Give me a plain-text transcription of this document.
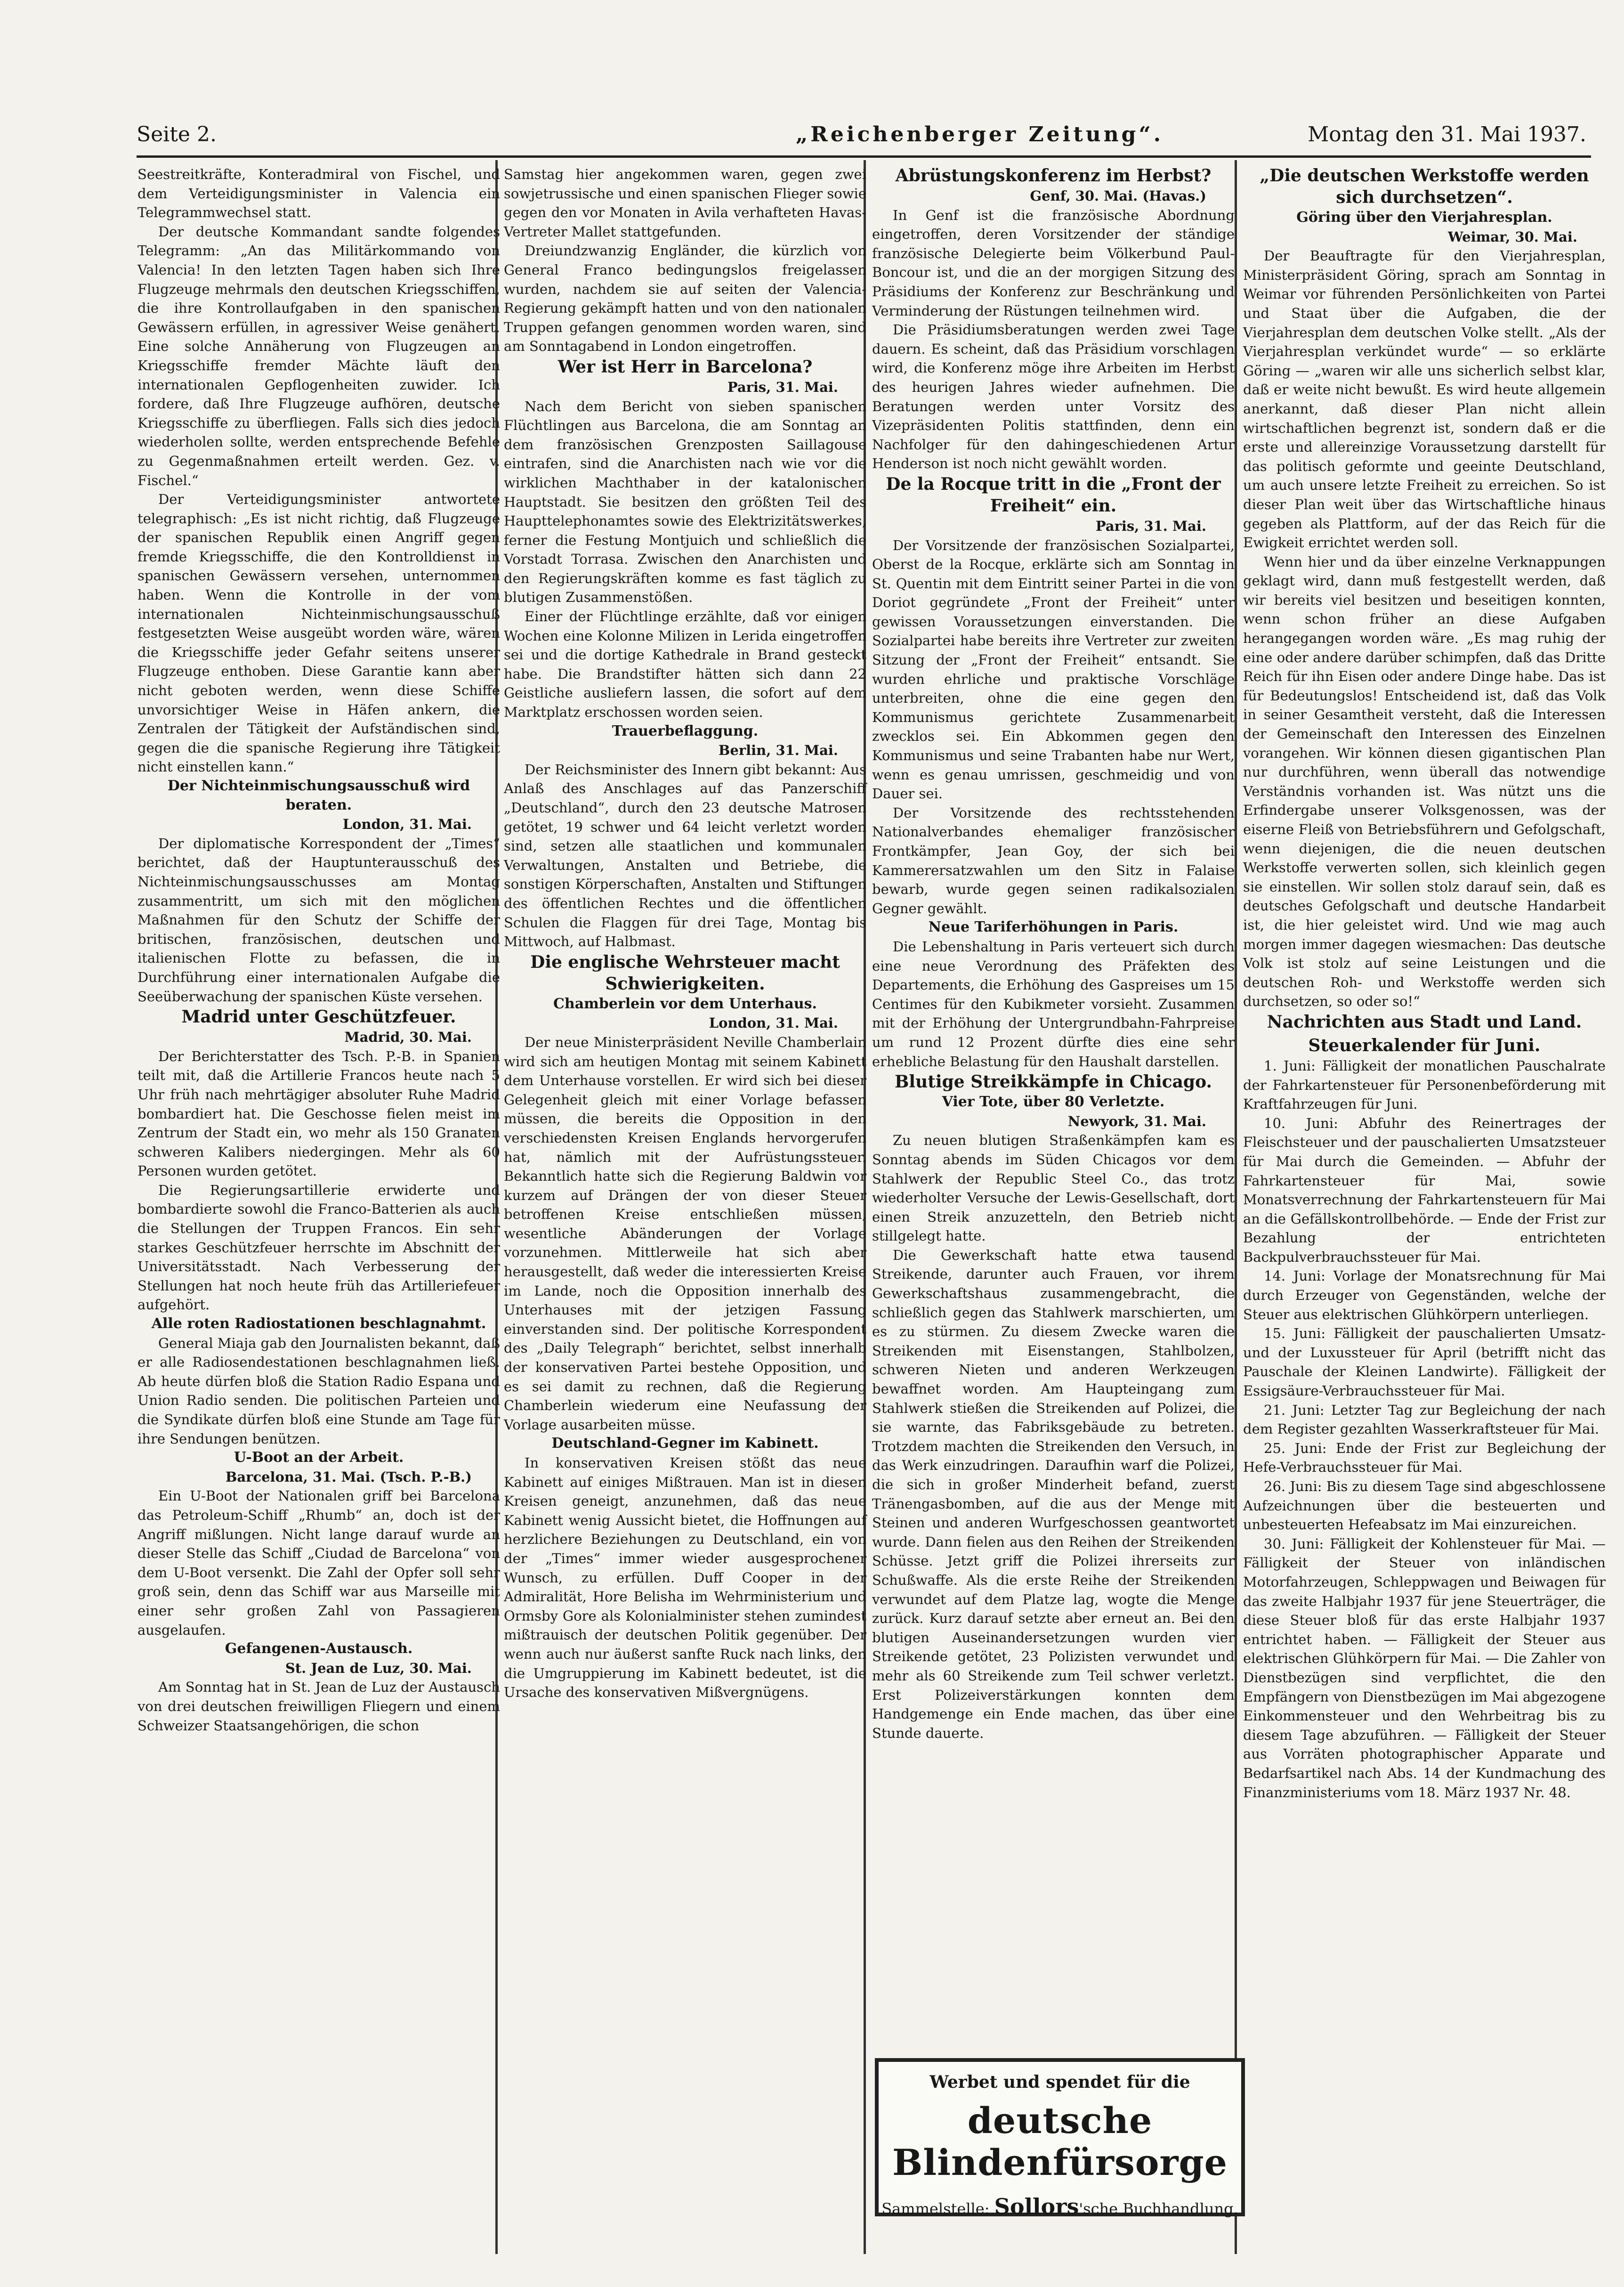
Seite 2.	„Reichenberger Zeitung“.	Montag den 31. Mai 1937.

Seestreitkräfte, Konteradmiral von Fischel, und dem Verteidigungsminister in Valencia ein Telegrammwechsel statt.

Der deutsche Kommandant sandte folgendes Telegramm: „An das Militärkommando von Valencia! In den letzten Tagen haben sich Ihre Flugzeuge mehrmals den deutschen Kriegsschiffen, die ihre Kontrollaufgaben in den spanischen Gewässern erfüllen, in agressiver Weise genähert. Eine solche Annäherung von Flugzeugen an Kriegsschiffe fremder Mächte läuft den internationalen Gepflogenheiten zuwider. Ich fordere, daß Ihre Flugzeuge aufhören, deutsche Kriegsschiffe zu überfliegen. Falls sich dies jedoch wiederholen sollte, werden entsprechende Befehle zu Gegenmaßnahmen erteilt werden. Gez. v. Fischel.“

Der Verteidigungsminister antwortete telegraphisch: „Es ist nicht richtig, daß Flugzeuge der spanischen Republik einen Angriff gegen fremde Kriegsschiffe, die den Kontrolldienst in spanischen Gewässern versehen, unternommen haben. Wenn die Kontrolle in der vom internationalen Nichteinmischungsausschuß festgesetzten Weise ausgeübt worden wäre, wären die Kriegsschiffe jeder Gefahr seitens unserer Flugzeuge enthoben. Diese Garantie kann aber nicht geboten werden, wenn diese Schiffe unvorsichtiger Weise in Häfen ankern, die Zentralen der Tätigkeit der Aufständischen sind, gegen die die spanische Regierung ihre Tätigkeit nicht einstellen kann.“

Der Nichteinmischungsausschuß wird beraten.

London, 31. Mai.

Der diplomatische Korrespondent der „Times“ berichtet, daß der Hauptunterausschuß des Nichteinmischungsausschusses am Montag zusammentritt, um sich mit den möglichen Maßnahmen für den Schutz der Schiffe der britischen, französischen, deutschen und italienischen Flotte zu befassen, die in Durchführung einer internationalen Aufgabe die Seeüberwachung der spanischen Küste versehen.

Madrid unter Geschützfeuer.

Madrid, 30. Mai.

Der Berichterstatter des Tsch. P.-B. in Spanien teilt mit, daß die Artillerie Francos heute nach 5 Uhr früh nach mehrtägiger absoluter Ruhe Madrid bombardiert hat. Die Geschosse fielen meist im Zentrum der Stadt ein, wo mehr als 150 Granaten schweren Kalibers niedergingen. Mehr als 60 Personen wurden getötet.

Die Regierungsartillerie erwiderte und bombardierte sowohl die Franco-Batterien als auch die Stellungen der Truppen Francos. Ein sehr starkes Geschützfeuer herrschte im Abschnitt der Universitätsstadt. Nach Verbesserung der Stellungen hat noch heute früh das Artilleriefeuer aufgehört.

Alle roten Radiostationen beschlagnahmt.

General Miaja gab den Journalisten bekannt, daß er alle Radiosendestationen beschlagnahmen ließ. Ab heute dürfen bloß die Station Radio Espana und Union Radio senden. Die politischen Parteien und die Syndikate dürfen bloß eine Stunde am Tage für ihre Sendungen benützen.

U-Boot an der Arbeit.

Barcelona, 31. Mai. (Tsch. P.-B.)

Ein U-Boot der Nationalen griff bei Barcelona das Petroleum-Schiff „Rhumb“ an, doch ist der Angriff mißlungen. Nicht lange darauf wurde an dieser Stelle das Schiff „Ciudad de Barcelona“ von dem U-Boot versenkt. Die Zahl der Opfer soll sehr groß sein, denn das Schiff war aus Marseille mit einer sehr großen Zahl von Passagieren ausgelaufen.

Gefangenen-Austausch.

St. Jean de Luz, 30. Mai.

Am Sonntag hat in St. Jean de Luz der Austausch von drei deutschen freiwilligen Fliegern und einem Schweizer Staatsangehörigen, die schon

Samstag hier angekommen waren, gegen zwei sowjetrussische und einen spanischen Flieger sowie gegen den vor Monaten in Avila verhafteten Havas-Vertreter Mallet stattgefunden.

Dreiundzwanzig Engländer, die kürzlich von General Franco bedingungslos freigelassen wurden, nachdem sie auf seiten der Valencia-Regierung gekämpft hatten und von den nationalen Truppen gefangen genommen worden waren, sind am Sonntagabend in London eingetroffen.

Wer ist Herr in Barcelona?

Paris, 31. Mai.

Nach dem Bericht von sieben spanischen Flüchtlingen aus Barcelona, die am Sonntag an dem französischen Grenzposten Saillagouse eintrafen, sind die Anarchisten nach wie vor die wirklichen Machthaber in der katalonischen Hauptstadt. Sie besitzen den größten Teil des Haupttelephonamtes sowie des Elektrizitätswerkes, ferner die Festung Montjuich und schließlich die Vorstadt Torrasa. Zwischen den Anarchisten und den Regierungskräften komme es fast täglich zu blutigen Zusammenstößen.

Einer der Flüchtlinge erzählte, daß vor einigen Wochen eine Kolonne Milizen in Lerida eingetroffen sei und die dortige Kathedrale in Brand gesteckt habe. Die Brandstifter hätten sich dann 22 Geistliche ausliefern lassen, die sofort auf dem Marktplatz erschossen worden seien.

Trauerbeflaggung.

Berlin, 31. Mai.

Der Reichsminister des Innern gibt bekannt: Aus Anlaß des Anschlages auf das Panzerschiff „Deutschland“, durch den 23 deutsche Matrosen getötet, 19 schwer und 64 leicht verletzt worden sind, setzen alle staatlichen und kommunalen Verwaltungen, Anstalten und Betriebe, die sonstigen Körperschaften, Anstalten und Stiftungen des öffentlichen Rechtes und die öffentlichen Schulen die Flaggen für drei Tage, Montag bis Mittwoch, auf Halbmast.

Die englische Wehrsteuer macht Schwierigkeiten.

Chamberlein vor dem Unterhaus.

London, 31. Mai.

Der neue Ministerpräsident Neville Chamberlain wird sich am heutigen Montag mit seinem Kabinett dem Unterhause vorstellen. Er wird sich bei dieser Gelegenheit gleich mit einer Vorlage befassen müssen, die bereits die Opposition in den verschiedensten Kreisen Englands hervorgerufen hat, nämlich mit der Aufrüstungssteuer. Bekanntlich hatte sich die Regierung Baldwin vor kurzem auf Drängen der von dieser Steuer betroffenen Kreise entschließen müssen, wesentliche Abänderungen der Vorlage vorzunehmen. Mittlerweile hat sich aber herausgestellt, daß weder die interessierten Kreise im Lande, noch die Opposition innerhalb des Unterhauses mit der jetzigen Fassung einverstanden sind. Der politische Korrespondent des „Daily Telegraph“ berichtet, selbst innerhalb der konservativen Partei bestehe Opposition, und es sei damit zu rechnen, daß die Regierung Chamberlein wiederum eine Neufassung der Vorlage ausarbeiten müsse.

Deutschland-Gegner im Kabinett.

In konservativen Kreisen stößt das neue Kabinett auf einiges Mißtrauen. Man ist in diesen Kreisen geneigt, anzunehmen, daß das neue Kabinett wenig Aussicht bietet, die Hoffnungen auf herzlichere Beziehungen zu Deutschland, ein von der „Times“ immer wieder ausgesprochener Wunsch, zu erfüllen. Duff Cooper in der Admiralität, Hore Belisha im Wehrministerium und Ormsby Gore als Kolonialminister stehen zumindest mißtrauisch der deutschen Politik gegenüber. Der wenn auch nur äußerst sanfte Ruck nach links, den die Umgruppierung im Kabinett bedeutet, ist die Ursache des konservativen Mißvergnügens.

Abrüstungskonferenz im Herbst?

Genf, 30. Mai. (Havas.)

In Genf ist die französische Abordnung eingetroffen, deren Vorsitzender der ständige französische Delegierte beim Völkerbund Paul-Boncour ist, und die an der morgigen Sitzung des Präsidiums der Konferenz zur Beschränkung und Verminderung der Rüstungen teilnehmen wird.

Die Präsidiumsberatungen werden zwei Tage dauern. Es scheint, daß das Präsidium vorschlagen wird, die Konferenz möge ihre Arbeiten im Herbst des heurigen Jahres wieder aufnehmen. Die Beratungen werden unter Vorsitz des Vizepräsidenten Politis stattfinden, denn ein Nachfolger für den dahingeschiedenen Artur Henderson ist noch nicht gewählt worden.

De la Rocque tritt in die „Front der Freiheit“ ein.

Paris, 31. Mai.

Der Vorsitzende der französischen Sozialpartei, Oberst de la Rocque, erklärte sich am Sonntag in St. Quentin mit dem Eintritt seiner Partei in die von Doriot gegründete „Front der Freiheit“ unter gewissen Voraussetzungen einverstanden. Die Sozialpartei habe bereits ihre Vertreter zur zweiten Sitzung der „Front der Freiheit“ entsandt. Sie wurden ehrliche und praktische Vorschläge unterbreiten, ohne die eine gegen den Kommunismus gerichtete Zusammenarbeit zwecklos sei. Ein Abkommen gegen den Kommunismus und seine Trabanten habe nur Wert, wenn es genau umrissen, geschmeidig und von Dauer sei.

Der Vorsitzende des rechtsstehenden Nationalverbandes ehemaliger französischer Frontkämpfer, Jean Goy, der sich bei Kammerersatzwahlen um den Sitz in Falaise bewarb, wurde gegen seinen radikalsozialen Gegner gewählt.

Neue Tariferhöhungen in Paris.

Die Lebenshaltung in Paris verteuert sich durch eine neue Verordnung des Präfekten des Departements, die Erhöhung des Gaspreises um 15 Centimes für den Kubikmeter vorsieht. Zusammen mit der Erhöhung der Untergrundbahn-Fahrpreise um rund 12 Prozent dürfte dies eine sehr erhebliche Belastung für den Haushalt darstellen.

Blutige Streikkämpfe in Chicago.

Vier Tote, über 80 Verletzte.

Newyork, 31. Mai.

Zu neuen blutigen Straßenkämpfen kam es Sonntag abends im Süden Chicagos vor dem Stahlwerk der Republic Steel Co., das trotz wiederholter Versuche der Lewis-Gesellschaft, dort einen Streik anzuzetteln, den Betrieb nicht stillgelegt hatte.

Die Gewerkschaft hatte etwa tausend Streikende, darunter auch Frauen, vor ihrem Gewerkschaftshaus zusammengebracht, die schließlich gegen das Stahlwerk marschierten, um es zu stürmen. Zu diesem Zwecke waren die Streikenden mit Eisenstangen, Stahlbolzen, schweren Nieten und anderen Werkzeugen bewaffnet worden. Am Haupteingang zum Stahlwerk stießen die Streikenden auf Polizei, die sie warnte, das Fabriksgebäude zu betreten. Trotzdem machten die Streikenden den Versuch, in das Werk einzudringen. Daraufhin warf die Polizei, die sich in großer Minderheit befand, zuerst Tränengasbomben, auf die aus der Menge mit Steinen und anderen Wurfgeschossen geantwortet wurde. Dann fielen aus den Reihen der Streikenden Schüsse. Jetzt griff die Polizei ihrerseits zur Schußwaffe. Als die erste Reihe der Streikenden verwundet auf dem Platze lag, wogte die Menge zurück. Kurz darauf setzte aber erneut an. Bei den blutigen Auseinandersetzungen wurden vier Streikende getötet, 23 Polizisten verwundet und mehr als 60 Streikende zum Teil schwer verletzt. Erst Polizeiverstärkungen konnten dem Handgemenge ein Ende machen, das über eine Stunde dauerte.

Werbet und spendet für die
deutsche Blindenfürsorge
Sammelstelle: Sollors'sche Buchhandlung.

„Die deutschen Werkstoffe werden sich durchsetzen“.

Göring über den Vierjahresplan.

Weimar, 30. Mai.

Der Beauftragte für den Vierjahresplan, Ministerpräsident Göring, sprach am Sonntag in Weimar vor führenden Persönlichkeiten von Partei und Staat über die Aufgaben, die der Vierjahresplan dem deutschen Volke stellt. „Als der Vierjahresplan verkündet wurde“ — so erklärte Göring — „waren wir alle uns sicherlich selbst klar, daß er weite nicht bewußt. Es wird heute allgemein anerkannt, daß dieser Plan nicht allein wirtschaftlichen begrenzt ist, sondern daß er die erste und allereinzige Voraussetzung darstellt für das politisch geformte und geeinte Deutschland, um auch unsere letzte Freiheit zu erreichen. So ist dieser Plan weit über das Wirtschaftliche hinaus gegeben als Plattform, auf der das Reich für die Ewigkeit errichtet werden soll.

Wenn hier und da über einzelne Verknappungen geklagt wird, dann muß festgestellt werden, daß wir bereits viel besitzen und beseitigen konnten, wenn schon früher an diese Aufgaben herangegangen worden wäre. „Es mag ruhig der eine oder andere darüber schimpfen, daß das Dritte Reich für ihn Eisen oder andere Dinge habe. Das ist für Bedeutungslos! Entscheidend ist, daß das Volk in seiner Gesamtheit versteht, daß die Interessen der Gemeinschaft den Interessen des Einzelnen vorangehen. Wir können diesen gigantischen Plan nur durchführen, wenn überall das notwendige Verständnis vorhanden ist. Was nützt uns die Erfindergabe unserer Volksgenossen, was der eiserne Fleiß von Betriebsführern und Gefolgschaft, wenn diejenigen, die die neuen deutschen Werkstoffe verwerten sollen, sich kleinlich gegen sie einstellen. Wir sollen stolz darauf sein, daß es deutsches Gefolgschaft und deutsche Handarbeit ist, die hier geleistet wird. Und wie mag auch morgen immer dagegen wiesmachen: Das deutsche Volk ist stolz auf seine Leistungen und die deutschen Roh- und Werkstoffe werden sich durchsetzen, so oder so!“

Nachrichten aus Stadt und Land.

Steuerkalender für Juni.

1. Juni: Fälligkeit der monatlichen Pauschalrate der Fahrkartensteuer für Personenbeförderung mit Kraftfahrzeugen für Juni.

10. Juni: Abfuhr des Reinertrages der Fleischsteuer und der pauschalierten Umsatzsteuer für Mai durch die Gemeinden. — Abfuhr der Fahrkartensteuer für Mai, sowie Monatsverrechnung der Fahrkartensteuern für Mai an die Gefällskontrollbehörde. — Ende der Frist zur Bezahlung der entrichteten Backpulverbrauchssteuer für Mai.

14. Juni: Vorlage der Monatsrechnung für Mai durch Erzeuger von Gegenständen, welche der Steuer aus elektrischen Glühkörpern unterliegen.

15. Juni: Fälligkeit der pauschalierten Umsatz- und der Luxussteuer für April (betrifft nicht das Pauschale der Kleinen Landwirte). Fälligkeit der Essigsäure-Verbrauchssteuer für Mai.

21. Juni: Letzter Tag zur Begleichung der nach dem Register gezahlten Wasserkraftsteuer für Mai.

25. Juni: Ende der Frist zur Begleichung der Hefe-Verbrauchssteuer für Mai.

26. Juni: Bis zu diesem Tage sind abgeschlossene Aufzeichnungen über die besteuerten und unbesteuerten Hefeabsatz im Mai einzureichen.

30. Juni: Fälligkeit der Kohlensteuer für Mai. — Fälligkeit der Steuer von inländischen Motorfahrzeugen, Schleppwagen und Beiwagen für das zweite Halbjahr 1937 für jene Steuerträger, die diese Steuer bloß für das erste Halbjahr 1937 entrichtet haben. — Fälligkeit der Steuer aus elektrischen Glühkörpern für Mai. — Die Zahler von Dienstbezügen sind verpflichtet, die den Empfängern von Dienstbezügen im Mai abgezogene Einkommensteuer und den Wehrbeitrag bis zu diesem Tage abzuführen. — Fälligkeit der Steuer aus Vorräten photographischer Apparate und Bedarfsartikel nach Abs. 14 der Kundmachung des Finanzministeriums vom 18. März 1937 Nr. 48.
